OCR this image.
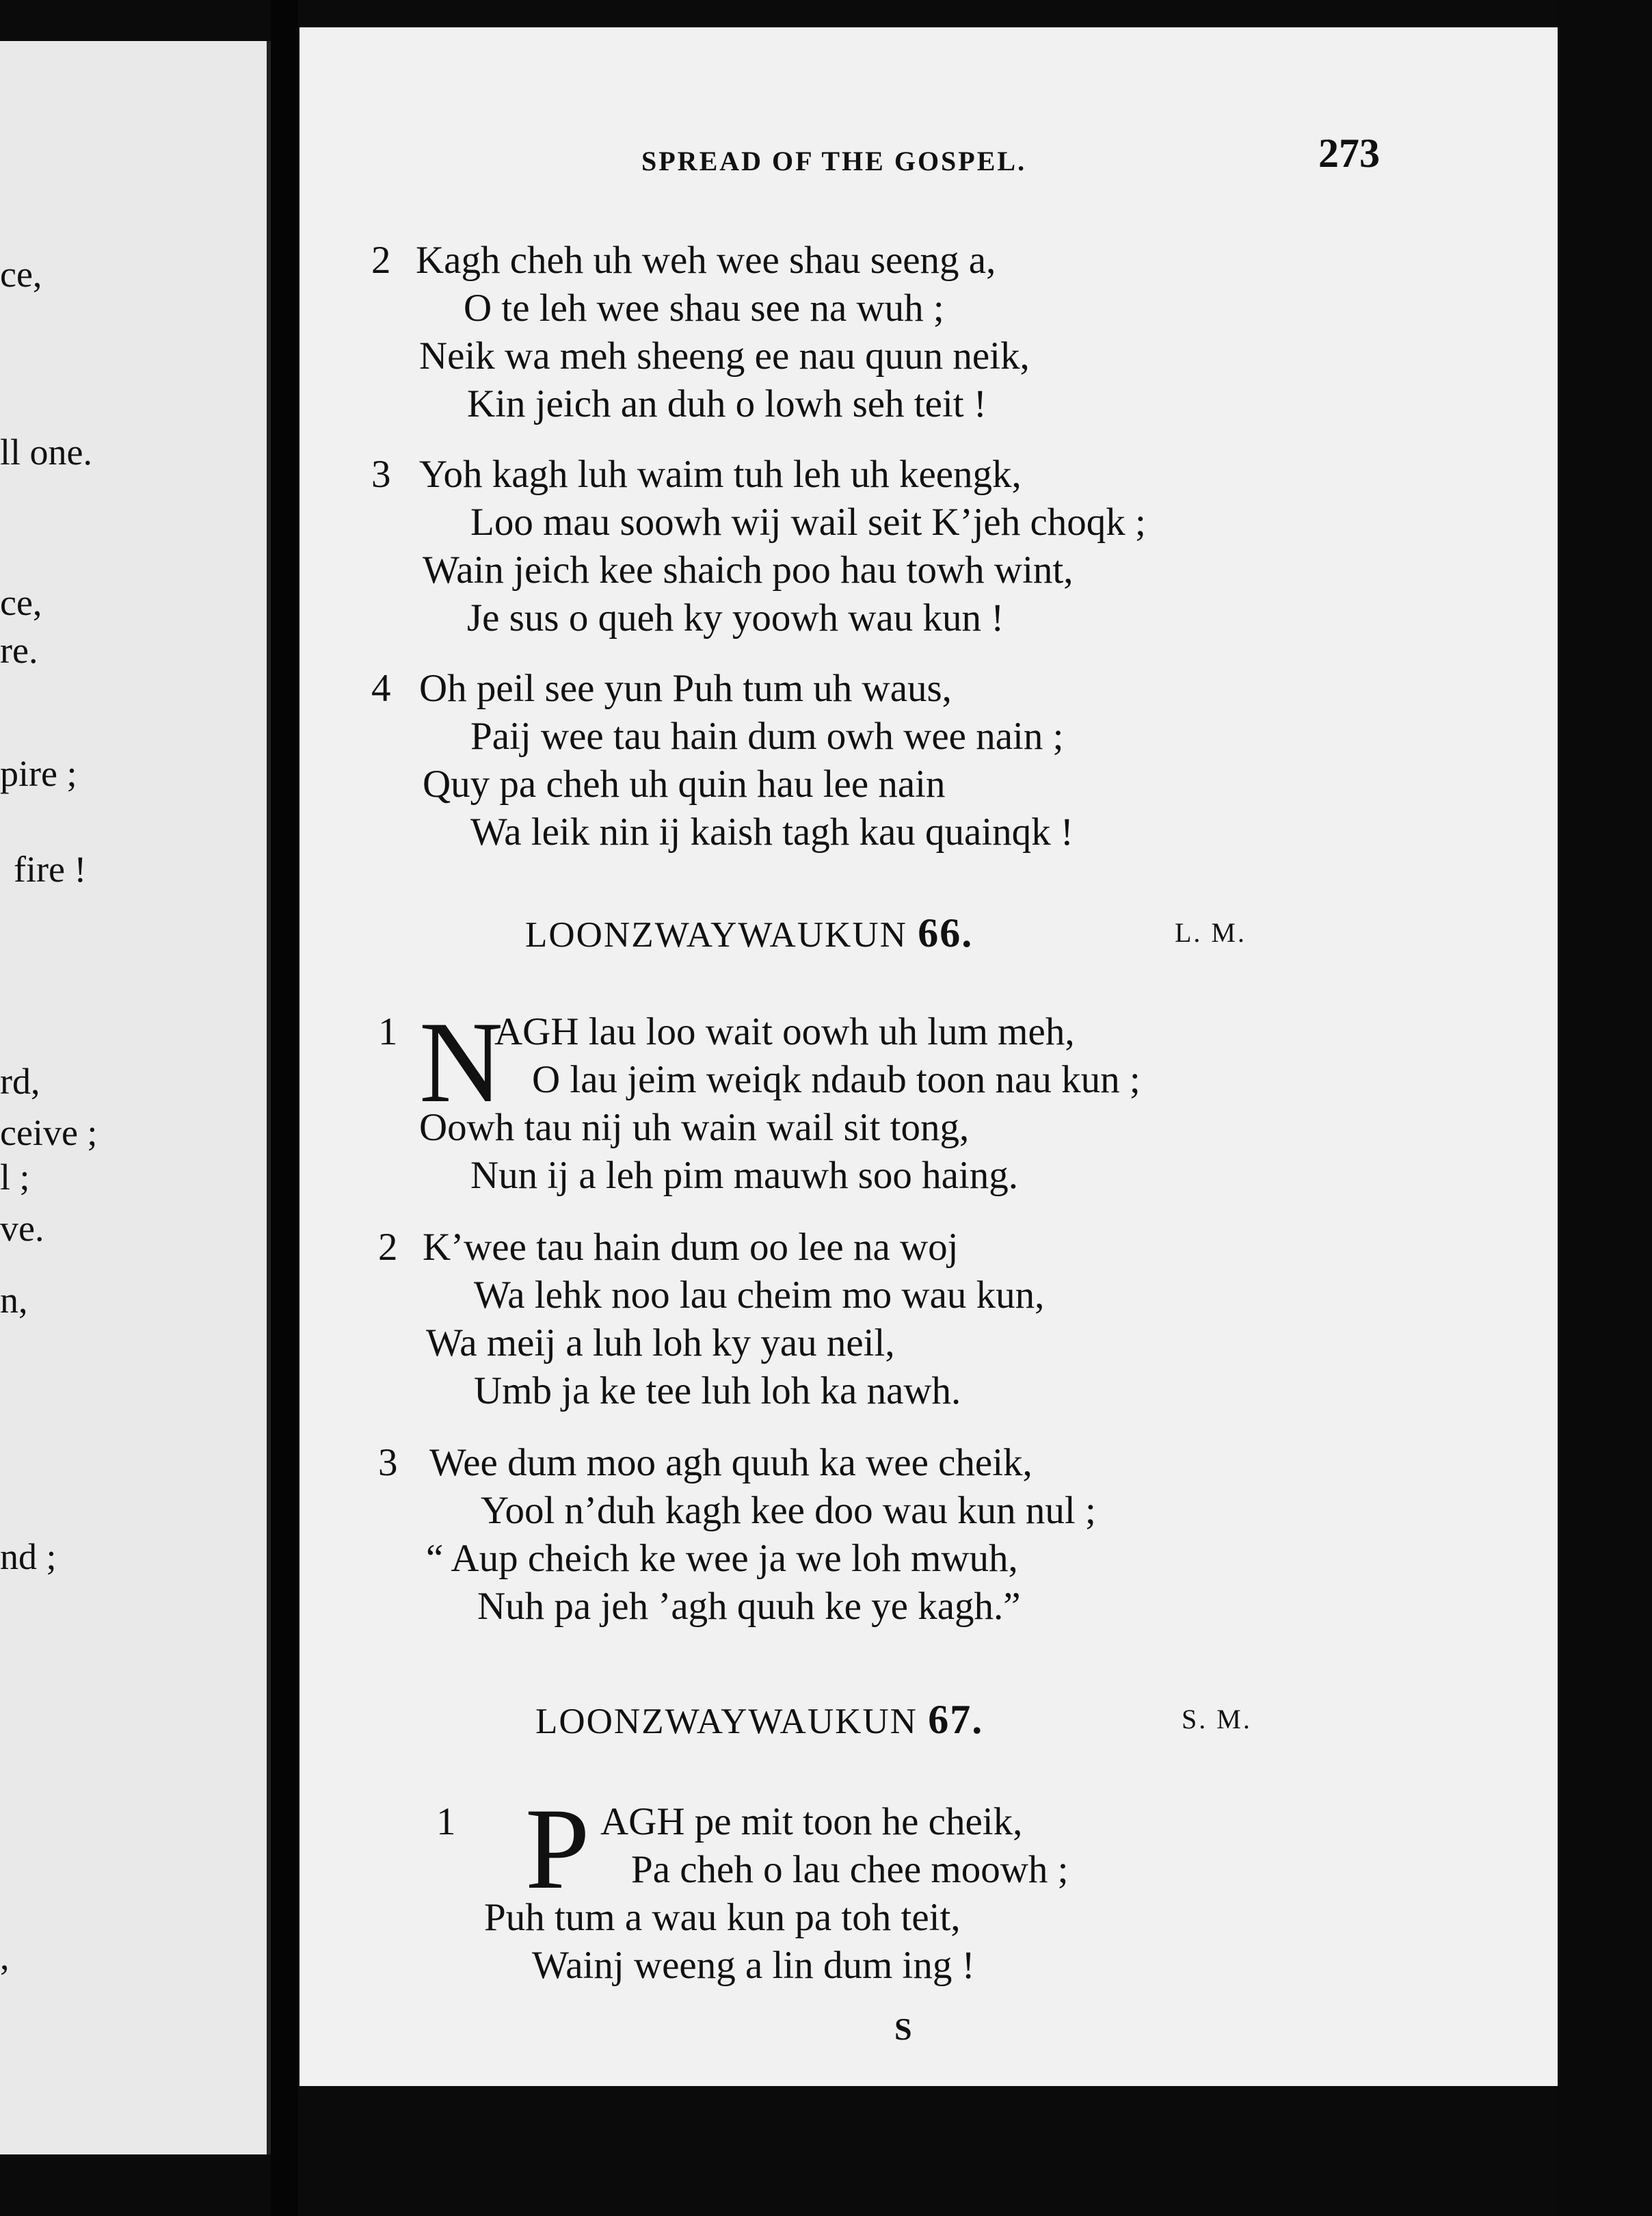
ce,
ll one.
ce,
re.
pire ;
fire !
rd,
ceive ;
l ;
ve.
n,
nd ;
,
SPREAD OF THE GOSPEL.	273
2 Kagh cheh uh weh wee shau seeng a,
O te leh wee shau see na wuh ;
Neik wa meh sheeng ee nau quun neik,
Kin jeich an duh o lowh seh teit !
3 Yoh kagh luh waim tuh leh uh keengk,
Loo mau soowh wij wail seit K’jeh choqk ;
Wain jeich kee shaich poo hau towh wint,
Je sus o queh ky yoowh wau kun !
4 Oh peil see yun Puh tum uh waus,
Paij wee tau hain dum owh wee nain ;
Quy pa cheh uh quin hau lee nain
Wa leik nin ij kaish tagh kau quainqk !
LOONZWAYWAUKUN 66.	L. M.
1 N
AGH lau loo wait oowh uh lum meh,
O lau jeim weiqk ndaub toon nau kun ;
Oowh tau nij uh wain wail sit tong,
Nun ij a leh pim mauwh soo haing.
2 K’wee tau hain dum oo lee na woj
Wa lehk noo lau cheim mo wau kun,
Wa meij a luh loh ky yau neil,
Umb ja ke tee luh loh ka nawh.
3 Wee dum moo agh quuh ka wee cheik,
Yool n’duh kagh kee doo wau kun nul ;
“ Aup cheich ke wee ja we loh mwuh,
Nuh pa jeh ’agh quuh ke ye kagh.”
LOONZWAYWAUKUN 67.	S. M.
1 P AGH pe mit toon he cheik,
Pa cheh o lau chee moowh ;
Puh tum a wau kun pa toh teit,
Wainj weeng a lin dum ing !
S
